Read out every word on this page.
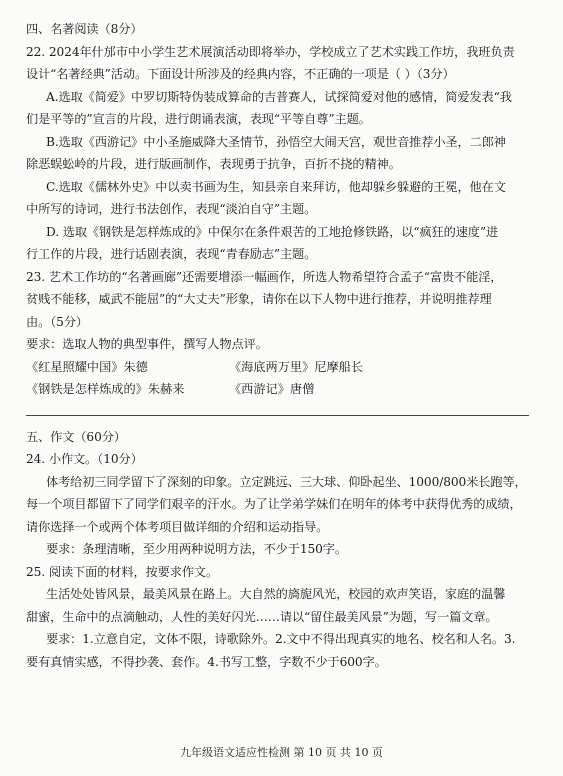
四、名著阅读（8分）
22. 2024年什邡市中小学生艺术展演活动即将举办，学校成立了艺术实践工作坊，我班负责
设计“名著经典”活动。下面设计所涉及的经典内容，不正确的一项是（ ）（3分）
A.选取《简爱》中罗切斯特伪装成算命的吉普赛人，试探简爱对他的感情，简爱发表“我
们是平等的”宣言的片段，进行朗诵表演，表现“平等自尊”主题。
B.选取《西游记》中小圣施威降大圣情节，孙悟空大闹天宫，观世音推荐小圣，二郎神
除恶蜈蚣岭的片段，进行版画制作，表现勇于抗争，百折不挠的精神。
C.选取《儒林外史》中以卖书画为生，知县亲自来拜访，他却躲乡躲避的王冕，他在文
中所写的诗词，进行书法创作，表现“淡泊自守”主题。
D. 选取《钢铁是怎样炼成的》中保尔在条件艰苦的工地抢修铁路，以“疯狂的速度”进
行工作的片段，进行话剧表演，表现“青春励志”主题。
23. 艺术工作坊的“名著画廊”还需要增添一幅画作，所选人物希望符合孟子“富贵不能淫，
贫贱不能移，威武不能屈”的“大丈夫”形象，请你在以下人物中进行推荐，并说明推荐理
由。（5分）
要求：选取人物的典型事件，撰写人物点评。
《红星照耀中国》朱德	《海底两万里》尼摩船长
《钢铁是怎样炼成的》朱赫来	《西游记》唐僧
五、作文（60分）
24. 小作文。（10分）
体考给初三同学留下了深刻的印象。立定跳远、三大球、仰卧起坐、1000/800米长跑等，
每一个项目都留下了同学们艰辛的汗水。为了让学弟学妹们在明年的体考中获得优秀的成绩，
请你选择一个或两个体考项目做详细的介绍和运动指导。
要求：条理清晰，至少用两种说明方法，不少于150字。
25. 阅读下面的材料，按要求作文。
生活处处皆风景，最美风景在路上。大自然的旖旎风光，校园的欢声笑语，家庭的温馨
甜蜜，生命中的点滴触动，人性的美好闪光……请以“留住最美风景”为题，写一篇文章。
要求：1.立意自定，文体不限，诗歌除外。2.文中不得出现真实的地名、校名和人名。3.
要有真情实感，不得抄袭、套作。4.书写工整，字数不少于600字。
九年级语文适应性检测 第 10 页 共 10 页
